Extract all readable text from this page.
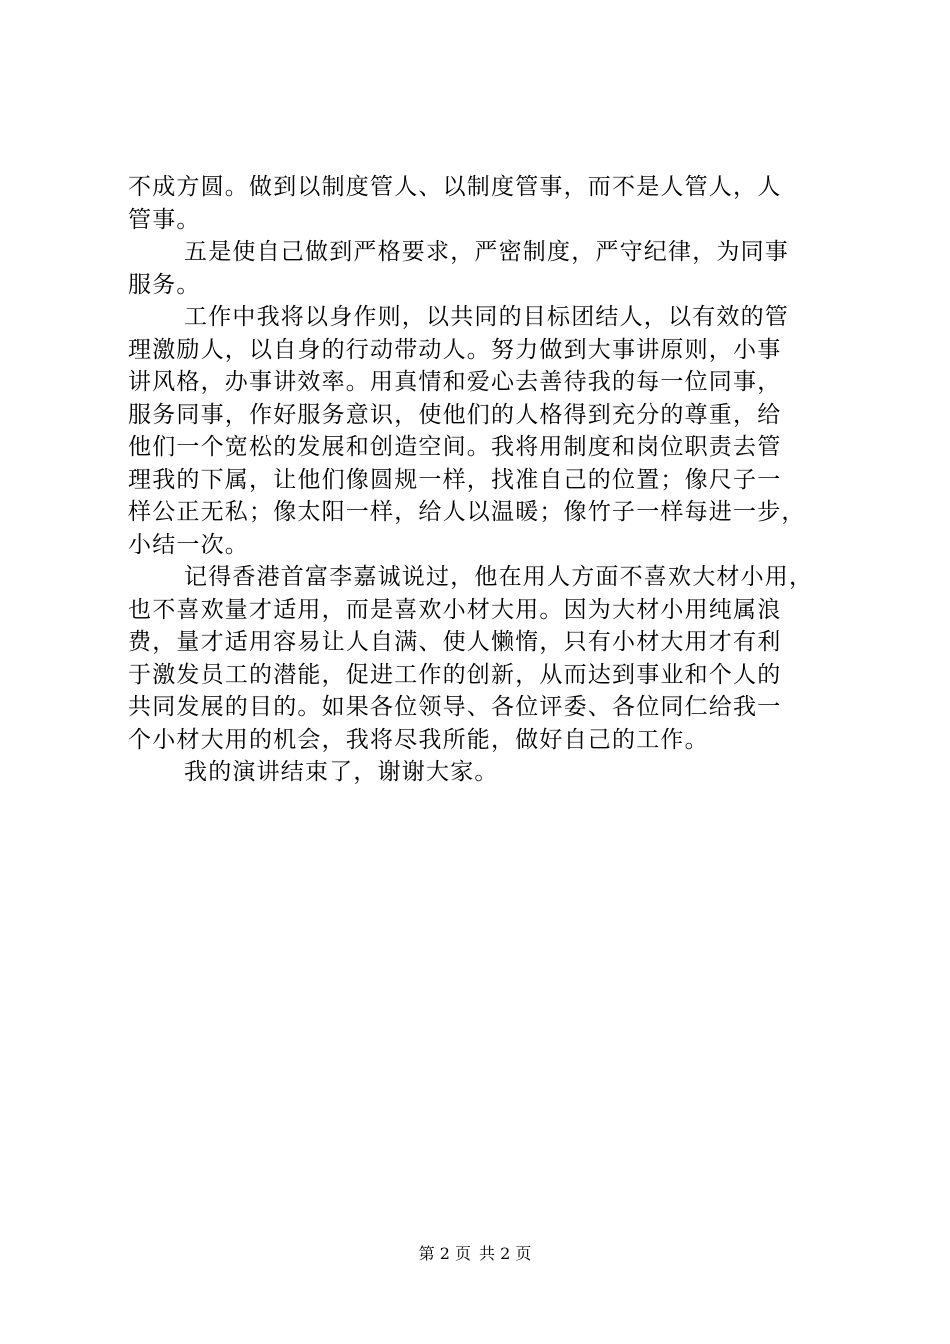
不成方圆。做到以制度管人、以制度管事，而不是人管人，人
管事。
五是使自己做到严格要求，严密制度，严守纪律，为同事
服务。
工作中我将以身作则，以共同的目标团结人，以有效的管
理激励人，以自身的行动带动人。努力做到大事讲原则，小事
讲风格，办事讲效率。用真情和爱心去善待我的每一位同事，
服务同事，作好服务意识，使他们的人格得到充分的尊重，给
他们一个宽松的发展和创造空间。我将用制度和岗位职责去管
理我的下属，让他们像圆规一样，找准自己的位置；像尺子一
样公正无私；像太阳一样，给人以温暖；像竹子一样每进一步，
小结一次。
记得香港首富李嘉诚说过，他在用人方面不喜欢大材小用，
也不喜欢量才适用，而是喜欢小材大用。因为大材小用纯属浪
费，量才适用容易让人自满、使人懒惰，只有小材大用才有利
于激发员工的潜能，促进工作的创新，从而达到事业和个人的
共同发展的目的。如果各位领导、各位评委、各位同仁给我一
个小材大用的机会，我将尽我所能，做好自己的工作。
我的演讲结束了，谢谢大家。
第 2 页 共 2 页
